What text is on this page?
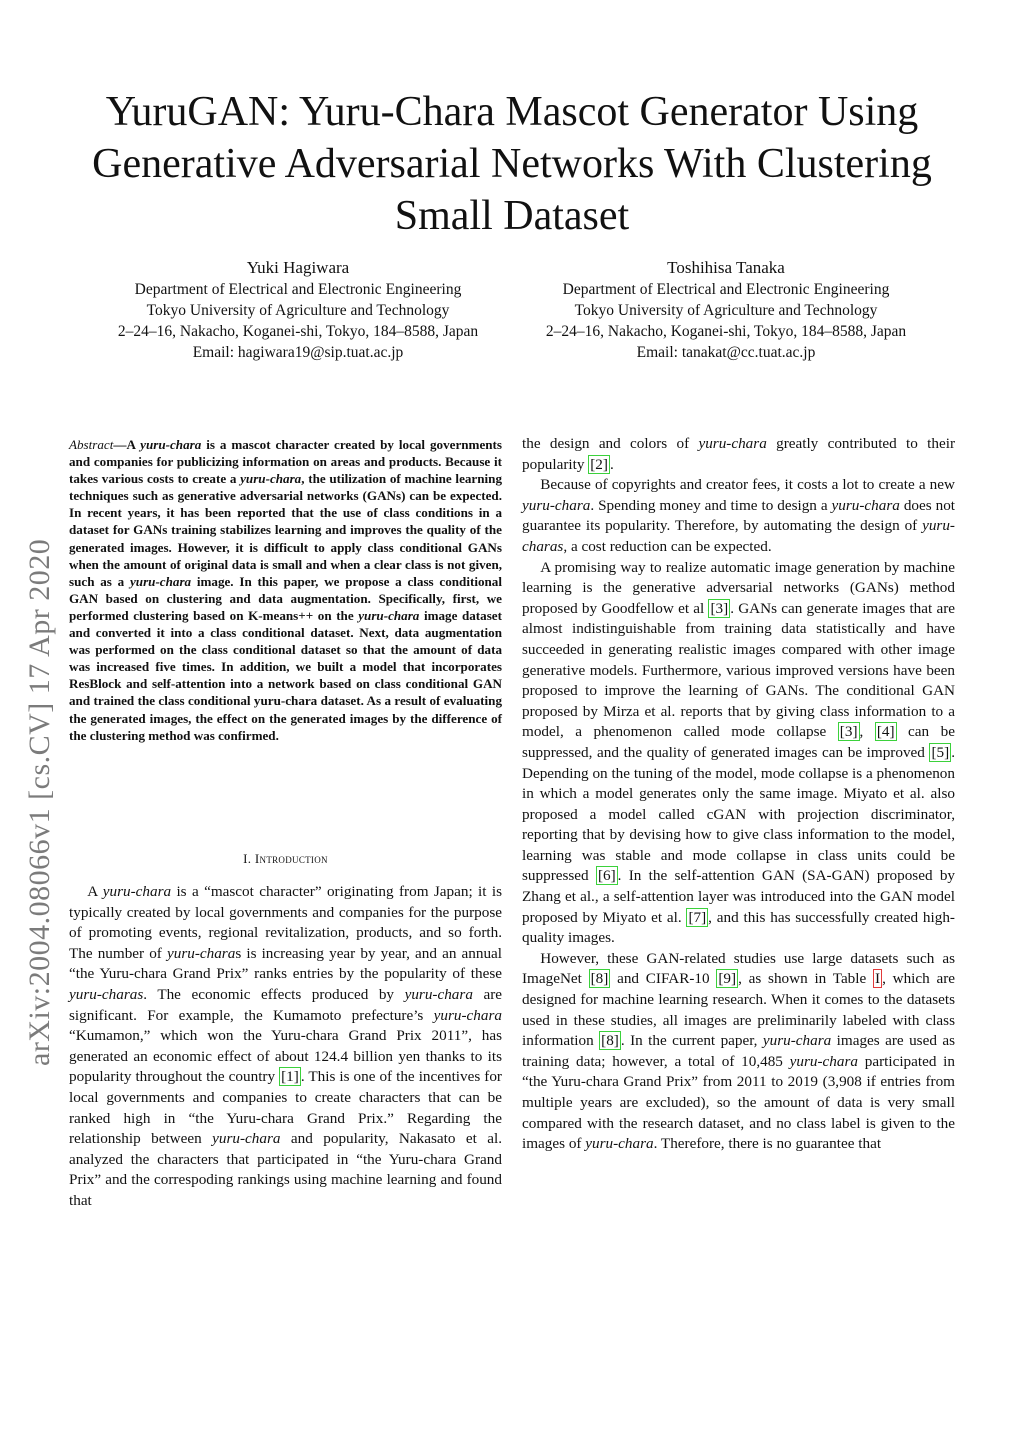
YuruGAN: Yuru-Chara Mascot Generator Using
Generative Adversarial Networks With Clustering
Small Dataset
Yuki Hagiwara
Department of Electrical and Electronic Engineering
Tokyo University of Agriculture and Technology
2–24–16, Nakacho, Koganei-shi, Tokyo, 184–8588, Japan
Email: hagiwara19@sip.tuat.ac.jp
Toshihisa Tanaka
Department of Electrical and Electronic Engineering
Tokyo University of Agriculture and Technology
2–24–16, Nakacho, Koganei-shi, Tokyo, 184–8588, Japan
Email: tanakat@cc.tuat.ac.jp
arXiv:2004.08066v1 [cs.CV] 17 Apr 2020
Abstract—A yuru-chara is a mascot character created by local governments and companies for publicizing information on areas and products. Because it takes various costs to create a yuru-chara, the utilization of machine learning techniques such as generative adversarial networks (GANs) can be expected. In recent years, it has been reported that the use of class conditions in a dataset for GANs training stabilizes learning and improves the quality of the generated images. However, it is difficult to apply class conditional GANs when the amount of original data is small and when a clear class is not given, such as a yuru-chara image. In this paper, we propose a class conditional GAN based on clustering and data augmentation. Specifically, first, we performed clustering based on K-means++ on the yuru-chara image dataset and converted it into a class conditional dataset. Next, data augmentation was performed on the class conditional dataset so that the amount of data was increased five times. In addition, we built a model that incorporates ResBlock and self-attention into a network based on class conditional GAN and trained the class conditional yuru-chara dataset. As a result of evaluating the generated images, the effect on the generated images by the difference of the clustering method was confirmed.
I. Introduction

A yuru-chara is a “mascot character” originating from Japan; it is typically created by local governments and companies for the purpose of promoting events, regional revitalization, products, and so forth. The number of yuru-charas is increasing year by year, and an annual “the Yuru-chara Grand Prix” ranks entries by the popularity of these yuru-charas. The economic effects produced by yuru-chara are significant. For example, the Kumamoto prefecture’s yuru-chara “Kumamon,” which won the Yuru-chara Grand Prix 2011”, has generated an economic effect of about 124.4 billion yen thanks to its popularity throughout the country [1] . This is one of the incentives for local governments and companies to create characters that can be ranked high in “the Yuru-chara Grand Prix.” Regarding the relationship between yuru-chara and popularity, Nakasato et al. analyzed the characters that participated in “the Yuru-chara Grand Prix” and the correspoding rankings using machine learning and found that

the design and colors of yuru-chara greatly contributed to their popularity [2] .

Because of copyrights and creator fees, it costs a lot to create a new yuru-chara. Spending money and time to design a yuru-chara does not guarantee its popularity. Therefore, by automating the design of yuru-charas, a cost reduction can be expected.

A promising way to realize automatic image generation by machine learning is the generative adversarial networks (GANs) method proposed by Goodfellow et al [3] . GANs can generate images that are almost indistinguishable from training data statistically and have succeeded in generating realistic images compared with other image generative models. Furthermore, various improved versions have been proposed to improve the learning of GANs. The conditional GAN proposed by Mirza et al. reports that by giving class information to a model, a phenomenon called mode collapse [3] , [4] can be suppressed, and the quality of generated images can be improved [5] . Depending on the tuning of the model, mode collapse is a phenomenon in which a model generates only the same image. Miyato et al. also proposed a model called cGAN with projection discriminator, reporting that by devising how to give class information to the model, learning was stable and mode collapse in class units could be suppressed [6] . In the self-attention GAN (SA-GAN) proposed by Zhang et al., a self-attention layer was introduced into the GAN model proposed by Miyato et al. [7] , and this has successfully created high-quality images.

However, these GAN-related studies use large datasets such as ImageNet [8] and CIFAR-10 [9] , as shown in Table I , which are designed for machine learning research. When it comes to the datasets used in these studies, all images are preliminarily labeled with class information [8] . In the current paper, yuru-chara images are used as training data; however, a total of 10,485 yuru-chara participated in “the Yuru-chara Grand Prix” from 2011 to 2019 (3,908 if entries from multiple years are excluded), so the amount of data is very small compared with the research dataset, and no class label is given to the images of yuru-chara. Therefore, there is no guarantee that
